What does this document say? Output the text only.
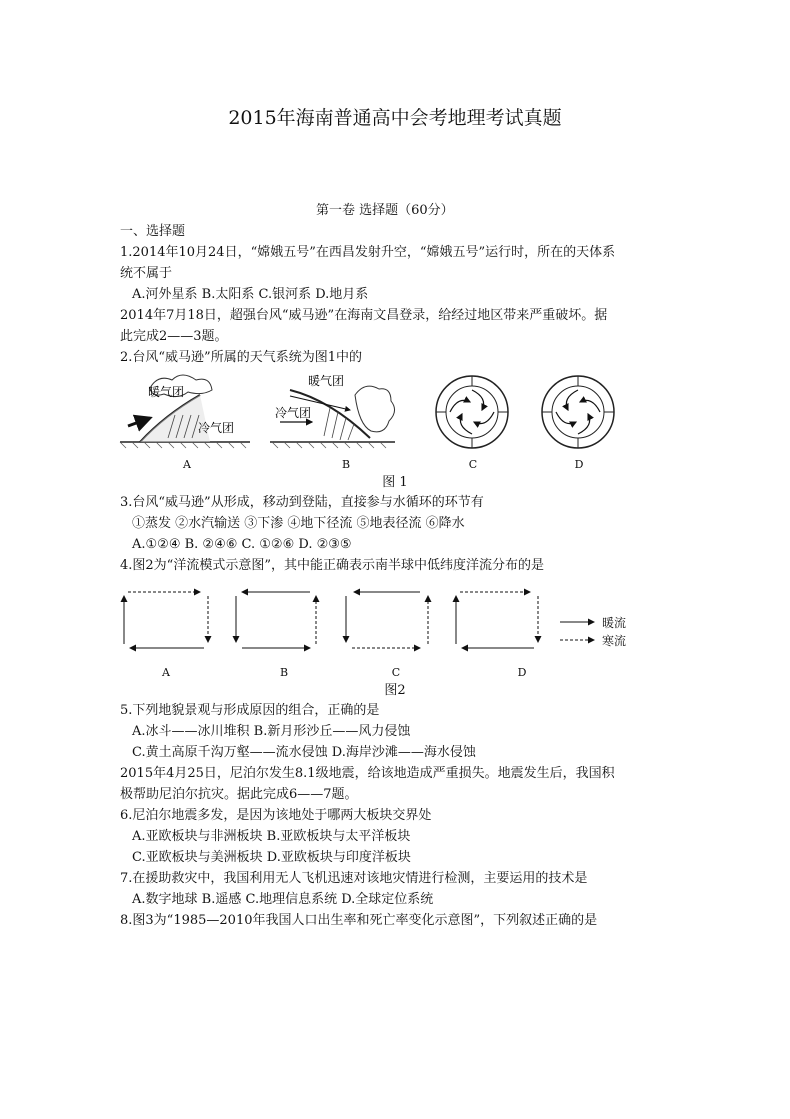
2015年海南普通高中会考地理考试真题
第一卷 选择题（60分）
一、选择题
1.2014年10月24日，“嫦娥五号”在西昌发射升空，“嫦娥五号”运行时，所在的天体系
统不属于
A.河外星系 B.太阳系 C.银河系 D.地月系
2014年7月18日，超强台风“威马逊”在海南文昌登录，给经过地区带来严重破坏。据
此完成2——3题。
2.台风“威马逊”所属的天气系统为图1中的
暖气团
冷气团
暖气团
冷气团
A	B	C	D
图 1
3.台风“威马逊”从形成，移动到登陆，直接参与水循环的环节有
①蒸发 ②水汽输送 ③下渗 ④地下径流 ⑤地表径流 ⑥降水
A.①②④ B. ②④⑥ C. ①②⑥ D. ②③⑤
4.图2为“洋流模式示意图”，其中能正确表示南半球中低纬度洋流分布的是
暖流
寒流
A	B	C	D
图2
5.下列地貌景观与形成原因的组合，正确的是
A.冰斗——冰川堆积 B.新月形沙丘——风力侵蚀
C.黄土高原千沟万壑——流水侵蚀 D.海岸沙滩——海水侵蚀
2015年4月25日，尼泊尔发生8.1级地震，给该地造成严重损失。地震发生后，我国积
极帮助尼泊尔抗灾。据此完成6——7题。
6.尼泊尔地震多发，是因为该地处于哪两大板块交界处
A.亚欧板块与非洲板块 B.亚欧板块与太平洋板块
C.亚欧板块与美洲板块 D.亚欧板块与印度洋板块
7.在援助救灾中，我国利用无人飞机迅速对该地灾情进行检测，主要运用的技术是
A.数字地球 B.遥感 C.地理信息系统 D.全球定位系统
8.图3为“1985—2010年我国人口出生率和死亡率变化示意图”，下列叙述正确的是
